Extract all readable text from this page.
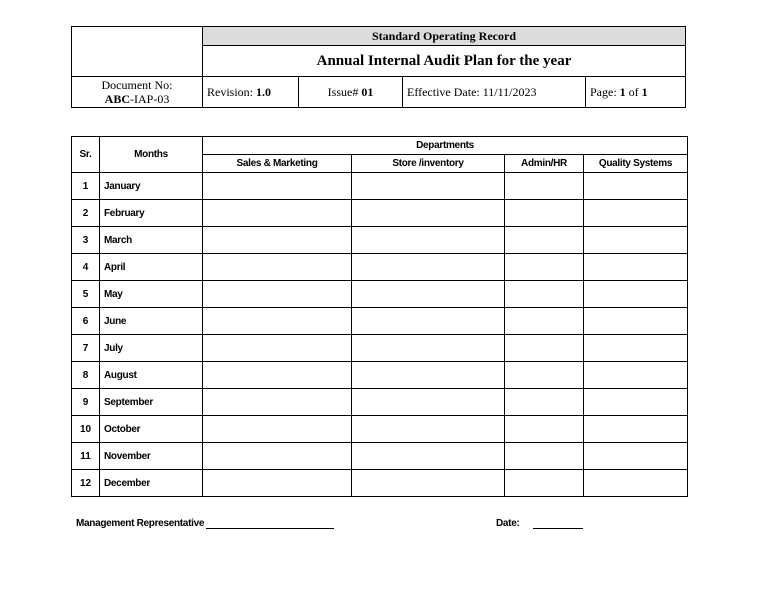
	Standard Operating Record			
	Annual Internal Audit Plan for the year			
Document No:
ABC-IAP-03	Revision: 1.0	Issue# 01	Effective Date: 11/11/2023	Page: 1 of 1
Sr.	Months	Departments			
		Sales & Marketing	Store /inventory	Admin/HR	Quality Systems
1	January				
2	February				
3	March				
4	April				
5	May				
6	June				
7	July				
8	August				
9	September				
10	October				
11	November				
12	December				
Management Representative	Date:
